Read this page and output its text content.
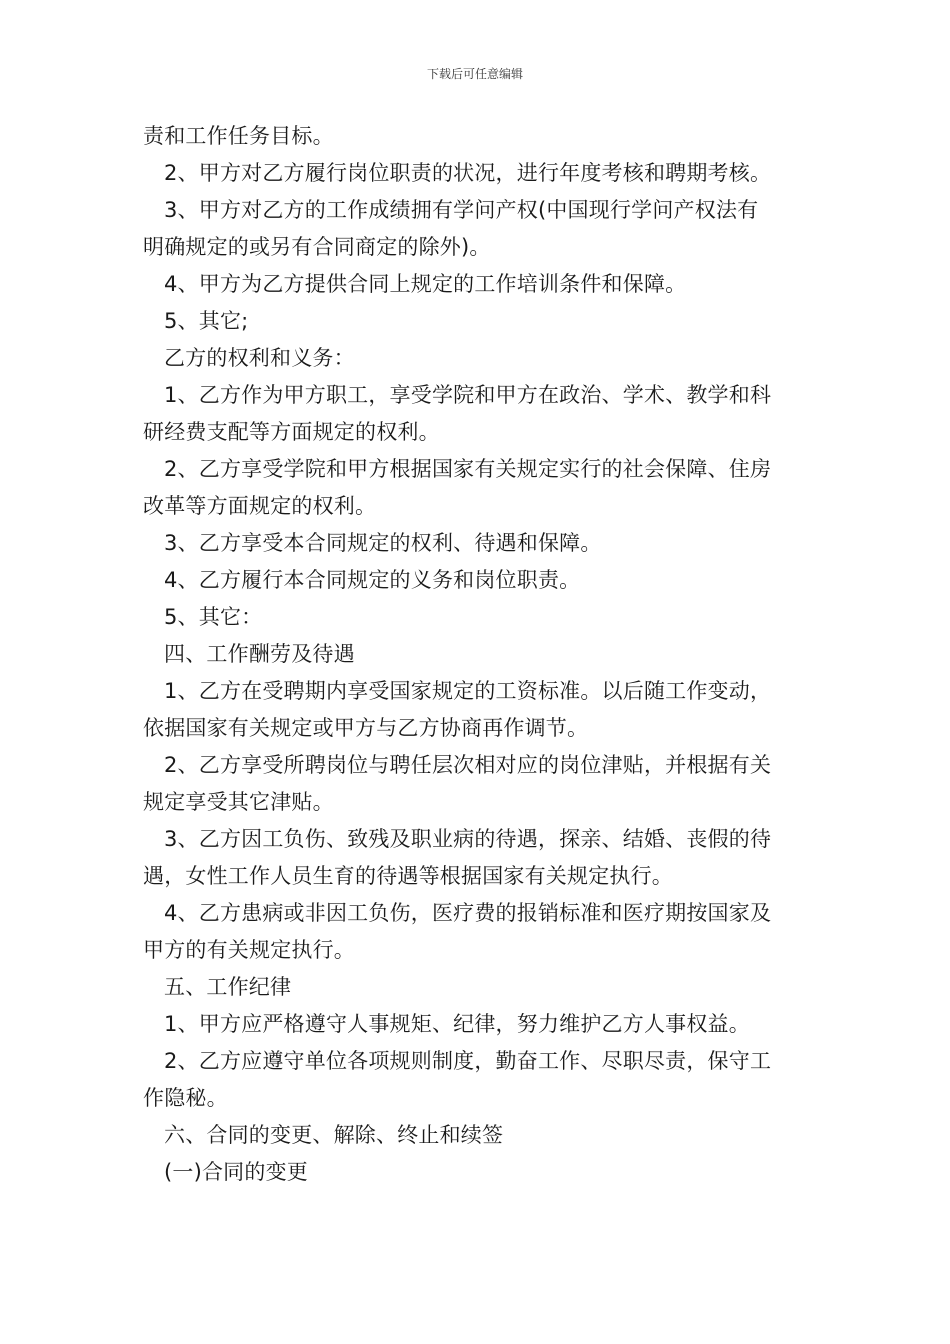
下载后可任意编辑
责和工作任务目标。
2、甲方对乙方履行岗位职责的状况，进行年度考核和聘期考核。
3、甲方对乙方的工作成绩拥有学问产权(中国现行学问产权法有
明确规定的或另有合同商定的除外)。
4、甲方为乙方提供合同上规定的工作培训条件和保障。
5、其它;
乙方的权利和义务：
1、乙方作为甲方职工，享受学院和甲方在政治、学术、教学和科
研经费支配等方面规定的权利。
2、乙方享受学院和甲方根据国家有关规定实行的社会保障、住房
改革等方面规定的权利。
3、乙方享受本合同规定的权利、待遇和保障。
4、乙方履行本合同规定的义务和岗位职责。
5、其它：
四、工作酬劳及待遇
1、乙方在受聘期内享受国家规定的工资标准。以后随工作变动，
依据国家有关规定或甲方与乙方协商再作调节。
2、乙方享受所聘岗位与聘任层次相对应的岗位津贴，并根据有关
规定享受其它津贴。
3、乙方因工负伤、致残及职业病的待遇，探亲、结婚、丧假的待
遇，女性工作人员生育的待遇等根据国家有关规定执行。
4、乙方患病或非因工负伤，医疗费的报销标准和医疗期按国家及
甲方的有关规定执行。
五、工作纪律
1、甲方应严格遵守人事规矩、纪律，努力维护乙方人事权益。
2、乙方应遵守单位各项规则制度，勤奋工作、尽职尽责，保守工
作隐秘。
六、合同的变更、解除、终止和续签
(一)合同的变更
